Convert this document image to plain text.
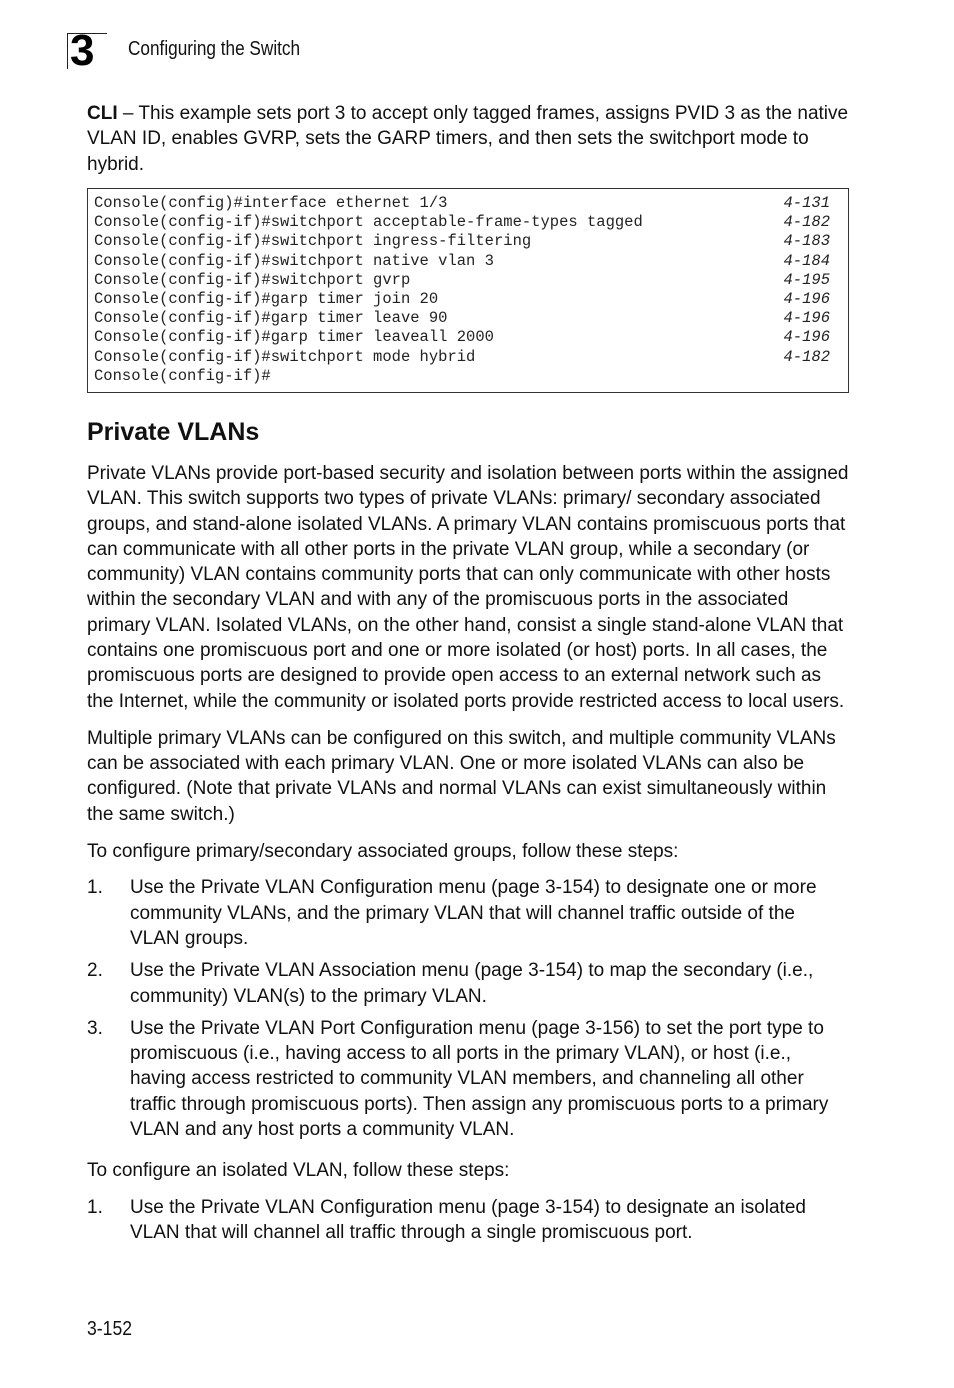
3 Configuring the Switch

CLI – This example sets port 3 to accept only tagged frames, assigns PVID 3 as the native VLAN ID, enables GVRP, sets the GARP timers, and then sets the switchport mode to hybrid.

Console(config)#interface ethernet 1/3	4-131
Console(config-if)#switchport acceptable-frame-types tagged	4-182
Console(config-if)#switchport ingress-filtering	4-183
Console(config-if)#switchport native vlan 3	4-184
Console(config-if)#switchport gvrp	4-195
Console(config-if)#garp timer join 20	4-196
Console(config-if)#garp timer leave 90	4-196
Console(config-if)#garp timer leaveall 2000	4-196
Console(config-if)#switchport mode hybrid	4-182
Console(config-if)#
Private VLANs

Private VLANs provide port-based security and isolation between ports within the assigned VLAN. This switch supports two types of private VLANs: primary/ secondary associated groups, and stand-alone isolated VLANs. A primary VLAN contains promiscuous ports that can communicate with all other ports in the private VLAN group, while a secondary (or community) VLAN contains community ports that can only communicate with other hosts within the secondary VLAN and with any of the promiscuous ports in the associated primary VLAN. Isolated VLANs, on the other hand, consist a single stand-alone VLAN that contains one promiscuous port and one or more isolated (or host) ports. In all cases, the promiscuous ports are designed to provide open access to an external network such as the Internet, while the community or isolated ports provide restricted access to local users.

Multiple primary VLANs can be configured on this switch, and multiple community VLANs can be associated with each primary VLAN. One or more isolated VLANs can also be configured. (Note that private VLANs and normal VLANs can exist simultaneously within the same switch.)

To configure primary/secondary associated groups, follow these steps:

1.	Use the Private VLAN Configuration menu (page 3-154) to designate one or more community VLANs, and the primary VLAN that will channel traffic outside of the VLAN groups.
2.	Use the Private VLAN Association menu (page 3-154) to map the secondary (i.e., community) VLAN(s) to the primary VLAN.
3.	Use the Private VLAN Port Configuration menu (page 3-156) to set the port type to promiscuous (i.e., having access to all ports in the primary VLAN), or host (i.e., having access restricted to community VLAN members, and channeling all other traffic through promiscuous ports). Then assign any promiscuous ports to a primary VLAN and any host ports a community VLAN.

To configure an isolated VLAN, follow these steps:

1.	Use the Private VLAN Configuration menu (page 3-154) to designate an isolated VLAN that will channel all traffic through a single promiscuous port.
3-152
